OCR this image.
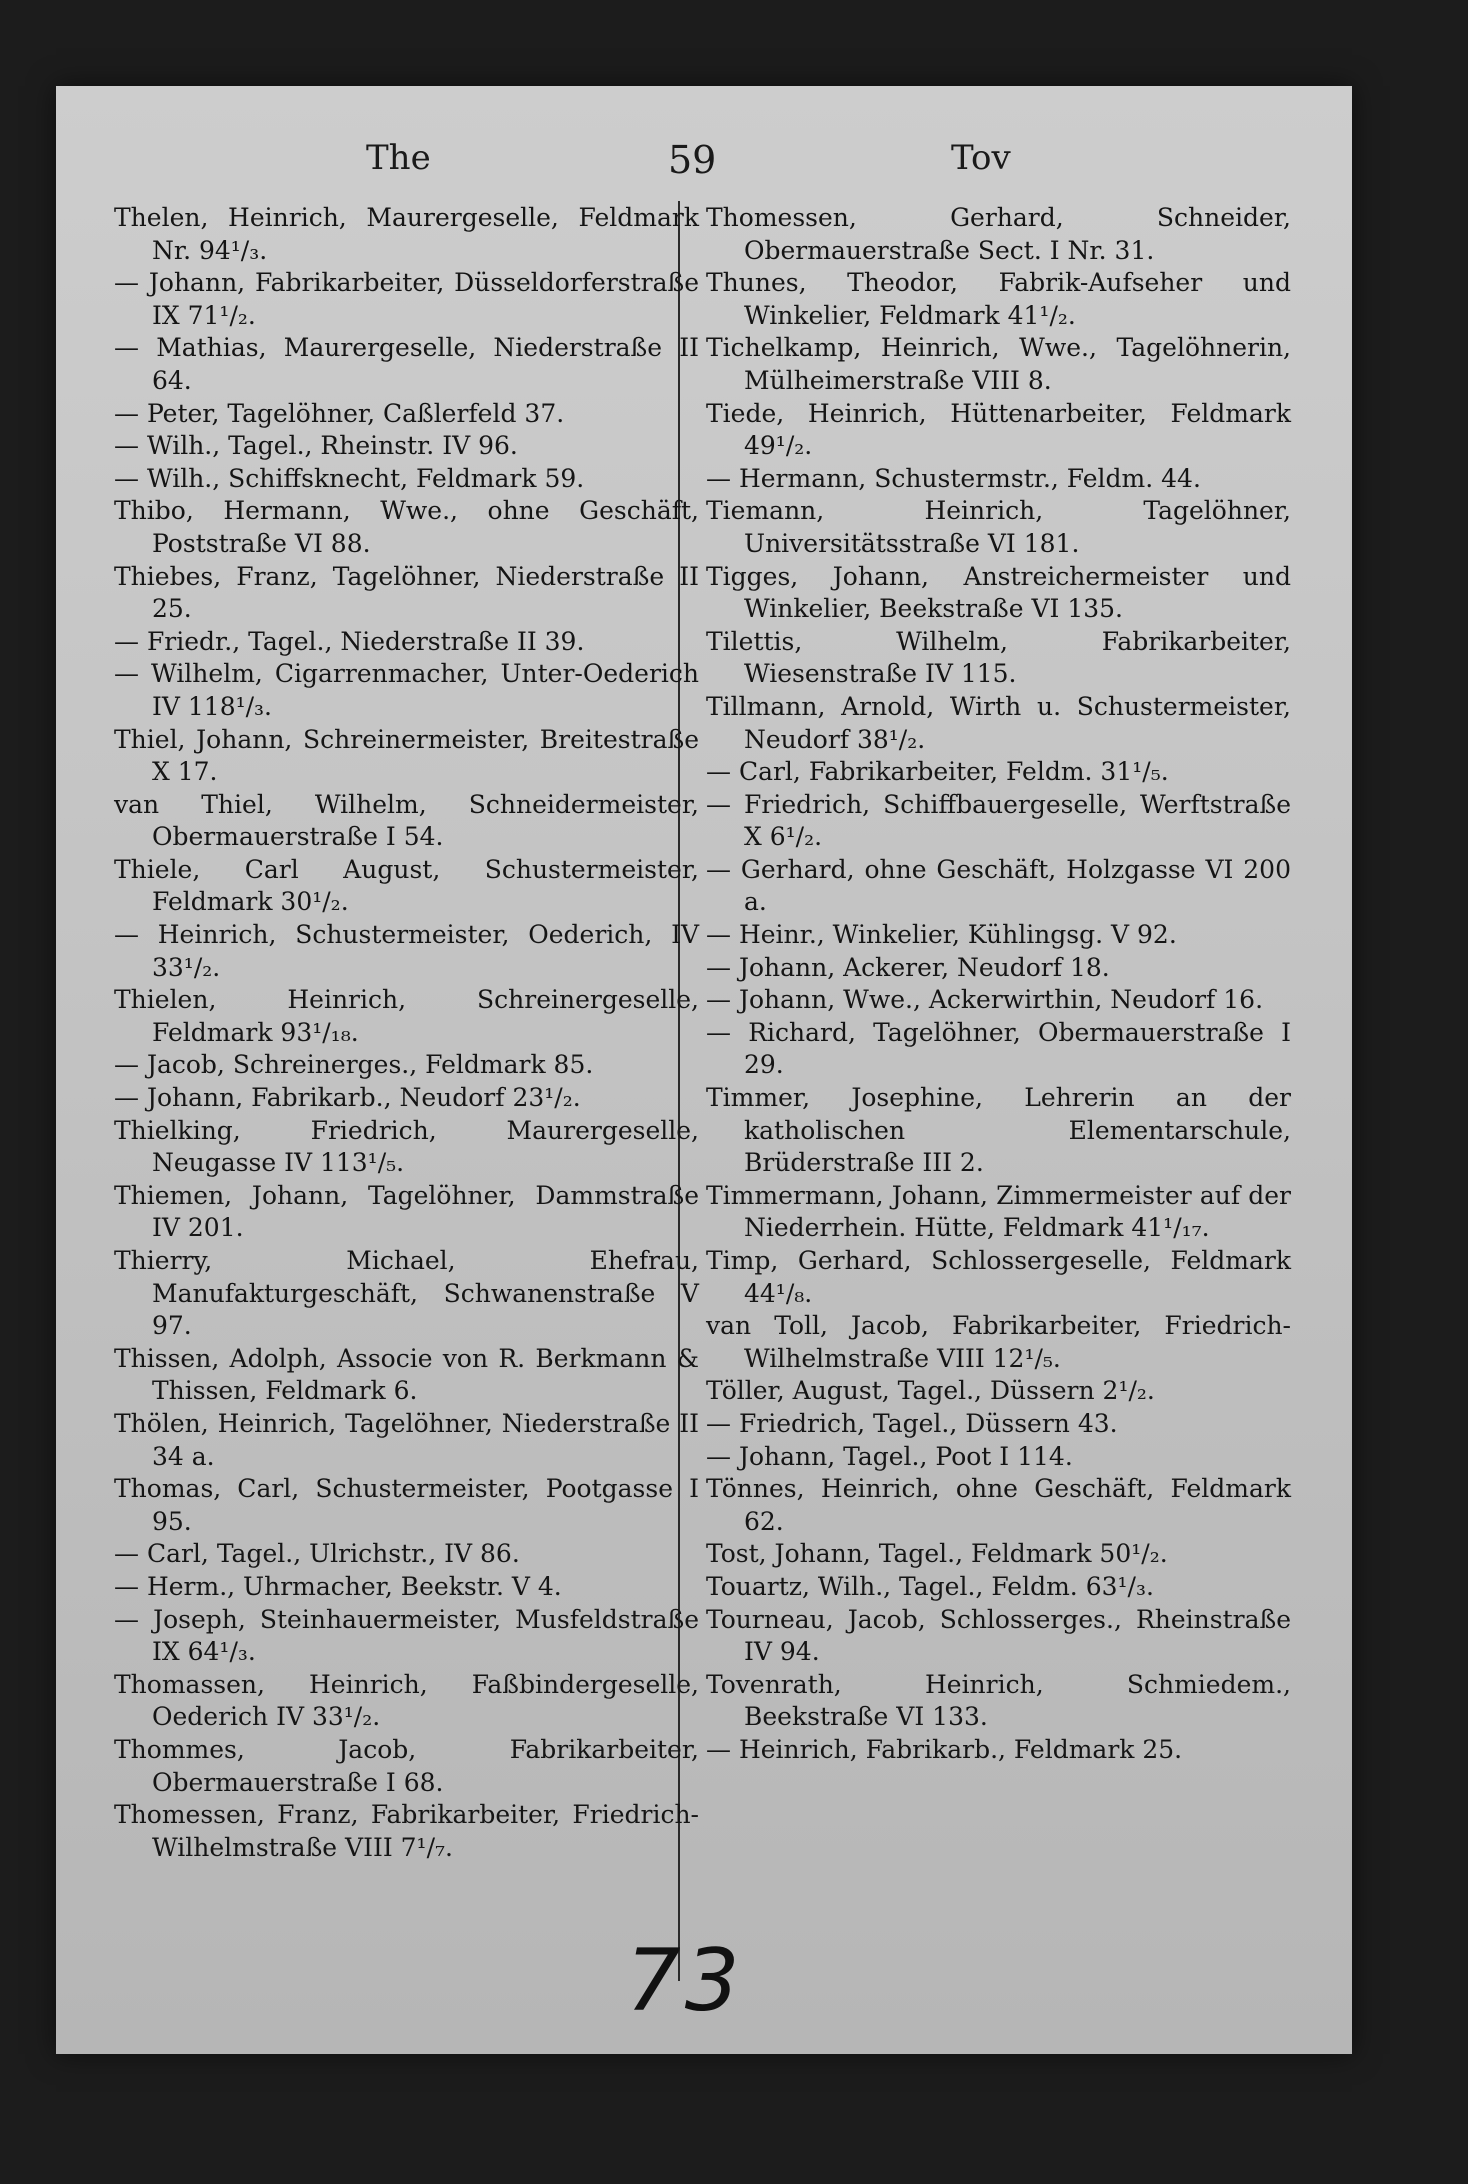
The	59	Tov

Thelen, Heinrich, Maurergeselle, Feldmark Nr. 94¹/₃.

— Johann, Fabrikarbeiter, Düsseldorferstraße IX 71¹/₂.

— Mathias, Maurergeselle, Niederstraße II 64.

— Peter, Tagelöhner, Caßlerfeld 37.

— Wilh., Tagel., Rheinstr. IV 96.

— Wilh., Schiffsknecht, Feldmark 59.

Thibo, Hermann, Wwe., ohne Geschäft, Poststraße VI 88.

Thiebes, Franz, Tagelöhner, Niederstraße II 25.

— Friedr., Tagel., Niederstraße II 39.

— Wilhelm, Cigarrenmacher, Unter-Oederich IV 118¹/₃.

Thiel, Johann, Schreinermeister, Breitestraße X 17.

van Thiel, Wilhelm, Schneidermeister, Obermauerstraße I 54.

Thiele, Carl August, Schustermeister, Feldmark 30¹/₂.

— Heinrich, Schustermeister, Oederich, IV 33¹/₂.

Thielen, Heinrich, Schreinergeselle, Feldmark 93¹/₁₈.

— Jacob, Schreinerges., Feldmark 85.

— Johann, Fabrikarb., Neudorf 23¹/₂.

Thielking, Friedrich, Maurergeselle, Neugasse IV 113¹/₅.

Thiemen, Johann, Tagelöhner, Dammstraße IV 201.

Thierry, Michael, Ehefrau, Manufakturgeschäft, Schwanenstraße V 97.

Thissen, Adolph, Associe von R. Berkmann & Thissen, Feldmark 6.

Thölen, Heinrich, Tagelöhner, Niederstraße II 34 a.

Thomas, Carl, Schustermeister, Pootgasse I 95.

— Carl, Tagel., Ulrichstr., IV 86.

— Herm., Uhrmacher, Beekstr. V 4.

— Joseph, Steinhauermeister, Musfeldstraße IX 64¹/₃.

Thomassen, Heinrich, Faßbindergeselle, Oederich IV 33¹/₂.

Thommes, Jacob, Fabrikarbeiter, Obermauerstraße I 68.

Thomessen, Franz, Fabrikarbeiter, Friedrich-Wilhelmstraße VIII 7¹/₇.

Thomessen, Gerhard, Schneider, Obermauerstraße Sect. I Nr. 31.

Thunes, Theodor, Fabrik-Aufseher und Winkelier, Feldmark 41¹/₂.

Tichelkamp, Heinrich, Wwe., Tagelöhnerin, Mülheimerstraße VIII 8.

Tiede, Heinrich, Hüttenarbeiter, Feldmark 49¹/₂.

— Hermann, Schustermstr., Feldm. 44.

Tiemann, Heinrich, Tagelöhner, Universitätsstraße VI 181.

Tigges, Johann, Anstreichermeister und Winkelier, Beekstraße VI 135.

Tilettis, Wilhelm, Fabrikarbeiter, Wiesenstraße IV 115.

Tillmann, Arnold, Wirth u. Schustermeister, Neudorf 38¹/₂.

— Carl, Fabrikarbeiter, Feldm. 31¹/₅.

— Friedrich, Schiffbauergeselle, Werftstraße X 6¹/₂.

— Gerhard, ohne Geschäft, Holzgasse VI 200 a.

— Heinr., Winkelier, Kühlingsg. V 92.

— Johann, Ackerer, Neudorf 18.

— Johann, Wwe., Ackerwirthin, Neudorf 16.

— Richard, Tagelöhner, Obermauerstraße I 29.

Timmer, Josephine, Lehrerin an der katholischen Elementarschule, Brüderstraße III 2.

Timmermann, Johann, Zimmermeister auf der Niederrhein. Hütte, Feldmark 41¹/₁₇.

Timp, Gerhard, Schlossergeselle, Feldmark 44¹/₈.

van Toll, Jacob, Fabrikarbeiter, Friedrich-Wilhelmstraße VIII 12¹/₅.

Töller, August, Tagel., Düssern 2¹/₂.

— Friedrich, Tagel., Düssern 43.

— Johann, Tagel., Poot I 114.

Tönnes, Heinrich, ohne Geschäft, Feldmark 62.

Tost, Johann, Tagel., Feldmark 50¹/₂.

Touartz, Wilh., Tagel., Feldm. 63¹/₃.

Tourneau, Jacob, Schlosserges., Rheinstraße IV 94.

Tovenrath, Heinrich, Schmiedem., Beekstraße VI 133.

— Heinrich, Fabrikarb., Feldmark 25.

73
